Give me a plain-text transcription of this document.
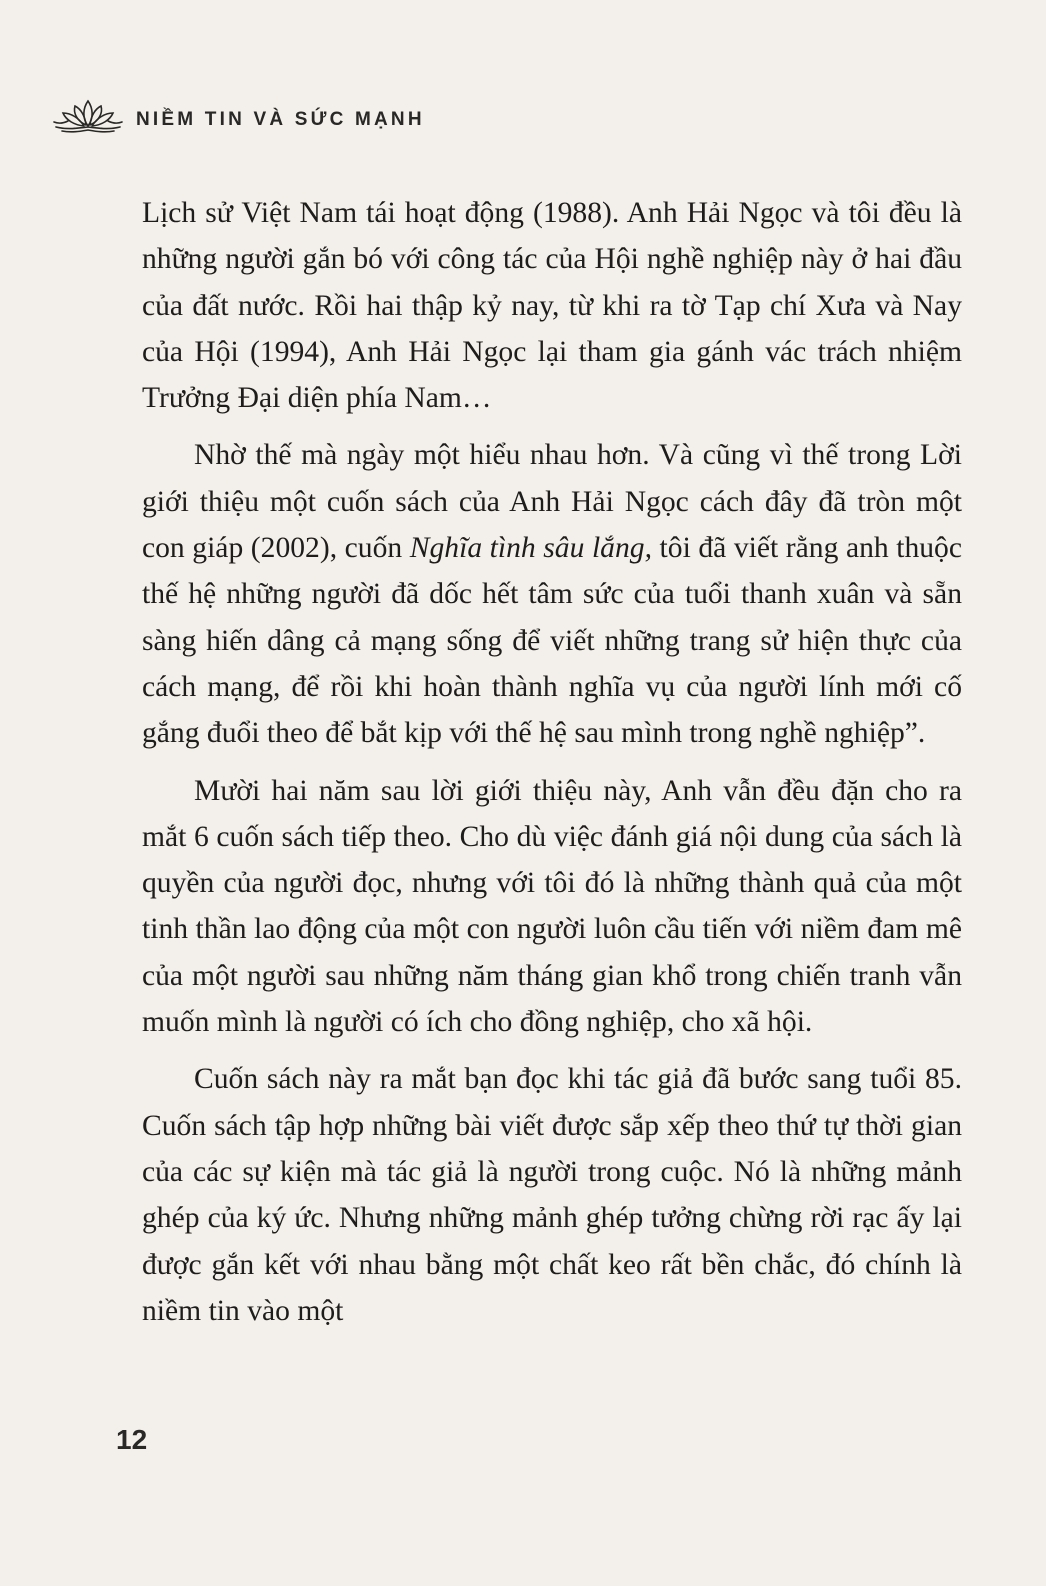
NIỀM TIN VÀ SỨC MẠNH

Lịch sử Việt Nam tái hoạt động (1988). Anh Hải Ngọc và tôi đều là những người gắn bó với công tác của Hội nghề nghiệp này ở hai đầu của đất nước. Rồi hai thập kỷ nay, từ khi ra tờ Tạp chí Xưa và Nay của Hội (1994), Anh Hải Ngọc lại tham gia gánh vác trách nhiệm Trưởng Đại diện phía Nam…

Nhờ thế mà ngày một hiểu nhau hơn. Và cũng vì thế trong Lời giới thiệu một cuốn sách của Anh Hải Ngọc cách đây đã tròn một con giáp (2002), cuốn Nghĩa tình sâu lắng, tôi đã viết rằng anh thuộc thế hệ những người đã dốc hết tâm sức của tuổi thanh xuân và sẵn sàng hiến dâng cả mạng sống để viết những trang sử hiện thực của cách mạng, để rồi khi hoàn thành nghĩa vụ của người lính mới cố gắng đuổi theo để bắt kịp với thế hệ sau mình trong nghề nghiệp”.

Mười hai năm sau lời giới thiệu này, Anh vẫn đều đặn cho ra mắt 6 cuốn sách tiếp theo. Cho dù việc đánh giá nội dung của sách là quyền của người đọc, nhưng với tôi đó là những thành quả của một tinh thần lao động của một con người luôn cầu tiến với niềm đam mê của một người sau những năm tháng gian khổ trong chiến tranh vẫn muốn mình là người có ích cho đồng nghiệp, cho xã hội.

Cuốn sách này ra mắt bạn đọc khi tác giả đã bước sang tuổi 85. Cuốn sách tập hợp những bài viết được sắp xếp theo thứ tự thời gian của các sự kiện mà tác giả là người trong cuộc. Nó là những mảnh ghép của ký ức. Nhưng những mảnh ghép tưởng chừng rời rạc ấy lại được gắn kết với nhau bằng một chất keo rất bền chắc, đó chính là niềm tin vào một

12
